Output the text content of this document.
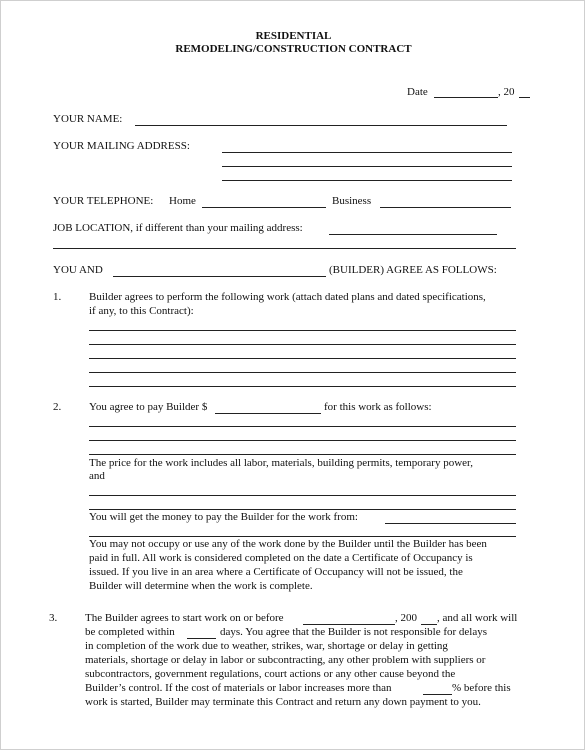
RESIDENTIAL
REMODELING/CONSTRUCTION CONTRACT
Date	, 20
YOUR NAME:
YOUR MAILING ADDRESS:
YOUR TELEPHONE: Home	Business
JOB LOCATION, if different than your mailing address:
YOU AND	(BUILDER) AGREE AS FOLLOWS:
1.	Builder agrees to perform the following work (attach dated plans and dated specifications,
if any, to this Contract):
2.	You agree to pay Builder $	for this work as follows:
The price for the work includes all labor, materials, building permits, temporary power,
and
You will get the money to pay the Builder for the work from:
You may not occupy or use any of the work done by the Builder until the Builder has been
paid in full. All work is considered completed on the date a Certificate of Occupancy is
issued. If you live in an area where a Certificate of Occupancy will not be issued, the
Builder will determine when the work is complete.
3.	The Builder agrees to start work on or before	, 200 , and all work will
be completed within	days. You agree that the Builder is not responsible for delays
in completion of the work due to weather, strikes, war, shortage or delay in getting
materials, shortage or delay in labor or subcontracting, any other problem with suppliers or
subcontractors, government regulations, court actions or any other cause beyond the
Builder’s control. If the cost of materials or labor increases more than	% before this
work is started, Builder may terminate this Contract and return any down payment to you.
